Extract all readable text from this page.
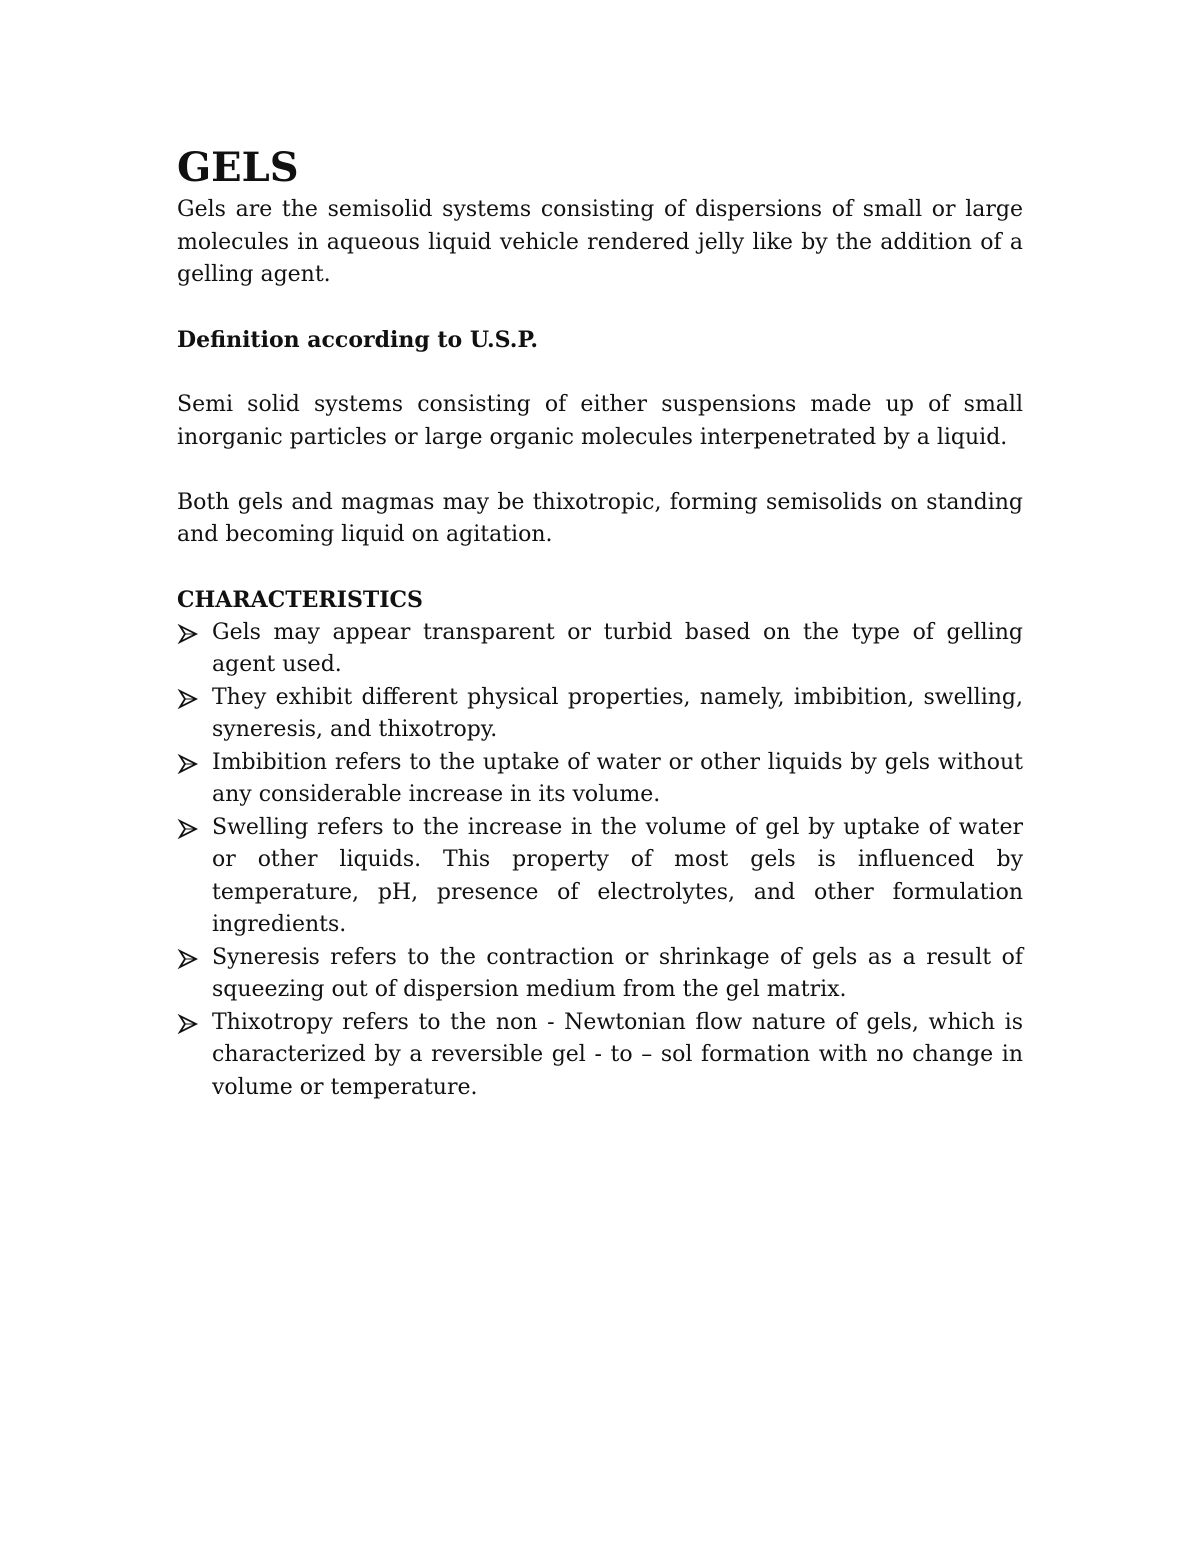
GELS

Gels are the semisolid systems consisting of dispersions of small or large molecules in aqueous liquid vehicle rendered jelly like by the addition of a gelling agent.

Definition according to U.S.P.

Semi solid systems consisting of either suspensions made up of small inorganic particles or large organic molecules interpenetrated by a liquid.

Both gels and magmas may be thixotropic, forming semisolids on standing and becoming liquid on agitation.

CHARACTERISTICS

Gels may appear transparent or turbid based on the type of gelling agent used.
They exhibit different physical properties, namely, imbibition, swelling, syneresis, and thixotropy.
Imbibition refers to the uptake of water or other liquids by gels without any considerable increase in its volume.
Swelling refers to the increase in the volume of gel by uptake of water or other liquids. This property of most gels is influenced by temperature, pH, presence of electrolytes, and other formulation ingredients.
Syneresis refers to the contraction or shrinkage of gels as a result of squeezing out of dispersion medium from the gel matrix.
Thixotropy refers to the non - Newtonian flow nature of gels, which is characterized by a reversible gel - to – sol formation with no change in volume or temperature.
